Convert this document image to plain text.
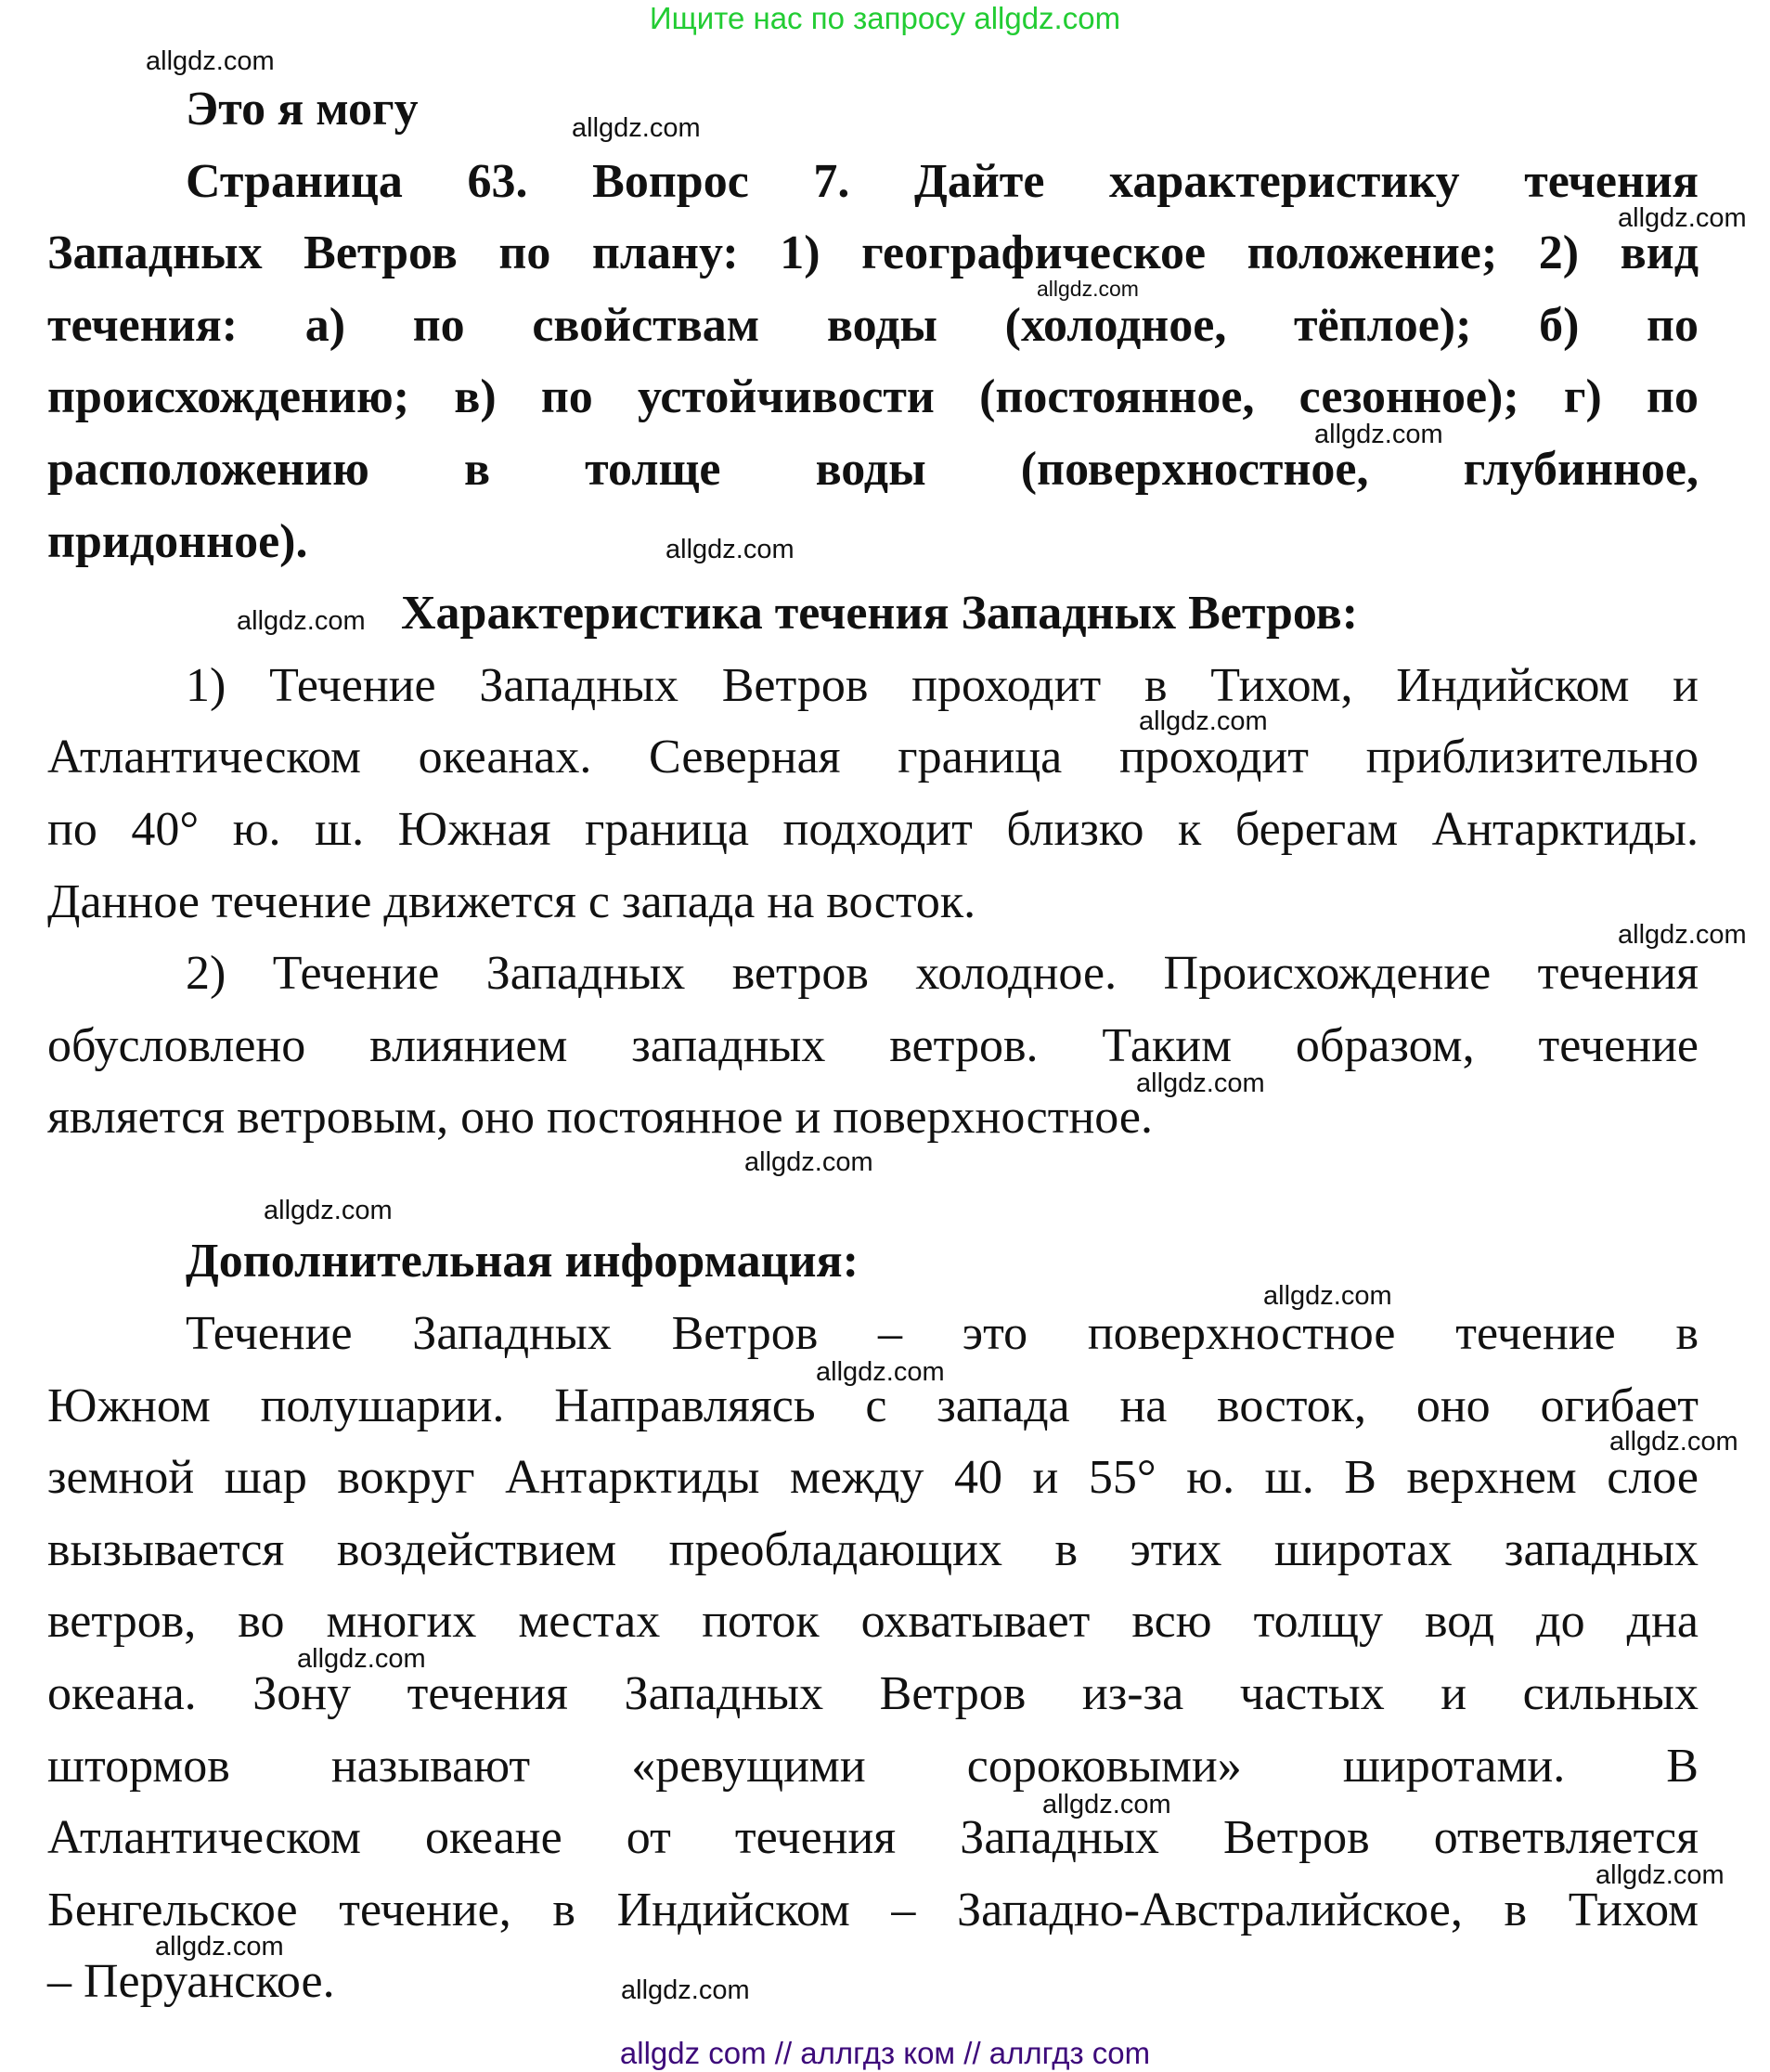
Ищите нас по запросу allgdz.com
Это я могу
Страница 63. Вопрос 7. Дайте характеристику течения
Западных Ветров по плану: 1) географическое положение; 2) вид
течения: а) по свойствам воды (холодное, тёплое); б) по
происхождению; в) по устойчивости (постоянное, сезонное); г) по
расположению в толще воды (поверхностное, глубинное,
придонное).
Характеристика течения Западных Ветров:
1) Течение Западных Ветров проходит в Тихом, Индийском и
Атлантическом океанах. Северная граница проходит приблизительно
по 40° ю. ш. Южная граница подходит близко к берегам Антарктиды.
Данное течение движется с запада на восток.
2) Течение Западных ветров холодное. Происхождение течения
обусловлено влиянием западных ветров. Таким образом, течение
является ветровым, оно постоянное и поверхностное.
Дополнительная информация:
Течение Западных Ветров – это поверхностное течение в
Южном полушарии. Направляясь с запада на восток, оно огибает
земной шар вокруг Антарктиды между 40 и 55° ю. ш. В верхнем слое
вызывается воздействием преобладающих в этих широтах западных
ветров, во многих местах поток охватывает всю толщу вод до дна
океана. Зону течения Западных Ветров из-за частых и сильных
штормов называют «ревущими сороковыми» широтами. В
Атлантическом океане от течения Западных Ветров ответвляется
Бенгельское течение, в Индийском – Западно-Австралийское, в Тихом
– Перуанское.
allgdz.com
allgdz.com
allgdz.com
allgdz.com
allgdz.com
allgdz.com
allgdz.com
allgdz.com
allgdz.com
allgdz.com
allgdz.com
allgdz.com
allgdz.com
allgdz.com
allgdz.com
allgdz.com
allgdz.com
allgdz.com
allgdz.com
allgdz.com
allgdz com // аллгдз ком // аллгдз com
